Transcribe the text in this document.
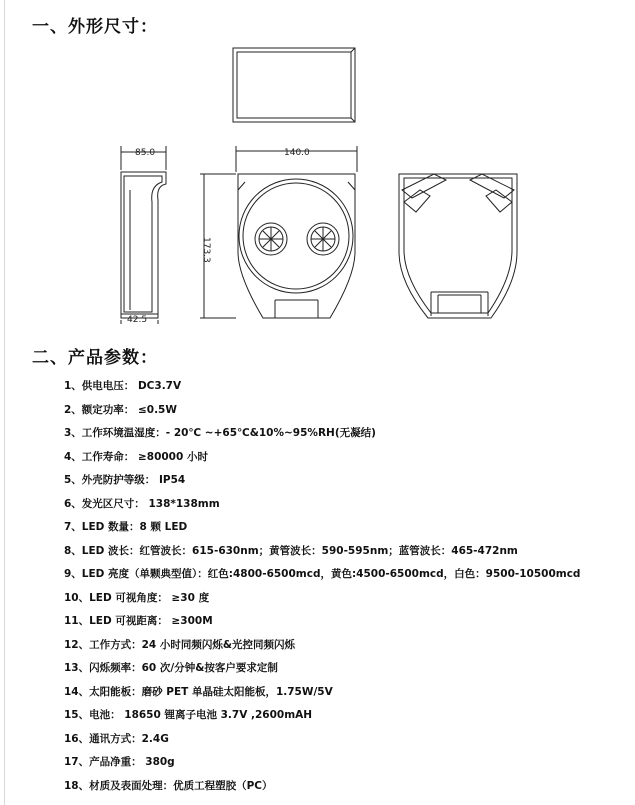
一、外形尺寸：
85.0
42.5
140.0
173.3
二、产品参数：
1、供电电压： DC3.7V
2、额定功率： ≤0.5W
3、工作环境温湿度：- 20℃ ~+65℃&10%~95%RH(无凝结)
4、工作寿命： ≥80000 小时
5、外壳防护等级： IP54
6、发光区尺寸： 138*138mm
7、LED 数量：8 颗 LED
8、LED 波长：红管波长：615-630nm；黄管波长：590-595nm；蓝管波长：465-472nm
9、LED 亮度（单颗典型值）：红色:4800-6500mcd，黄色:4500-6500mcd，白色：9500-10500mcd
10、LED 可视角度： ≥30 度
11、LED 可视距离： ≥300M
12、工作方式：24 小时同频闪烁&光控同频闪烁
13、闪烁频率：60 次/分钟&按客户要求定制
14、太阳能板：磨砂 PET 单晶硅太阳能板，1.75W/5V
15、电池： 18650 锂离子电池 3.7V ,2600mAH
16、通讯方式：2.4G
17、产品净重： 380g
18、材质及表面处理：优质工程塑胶（PC）
